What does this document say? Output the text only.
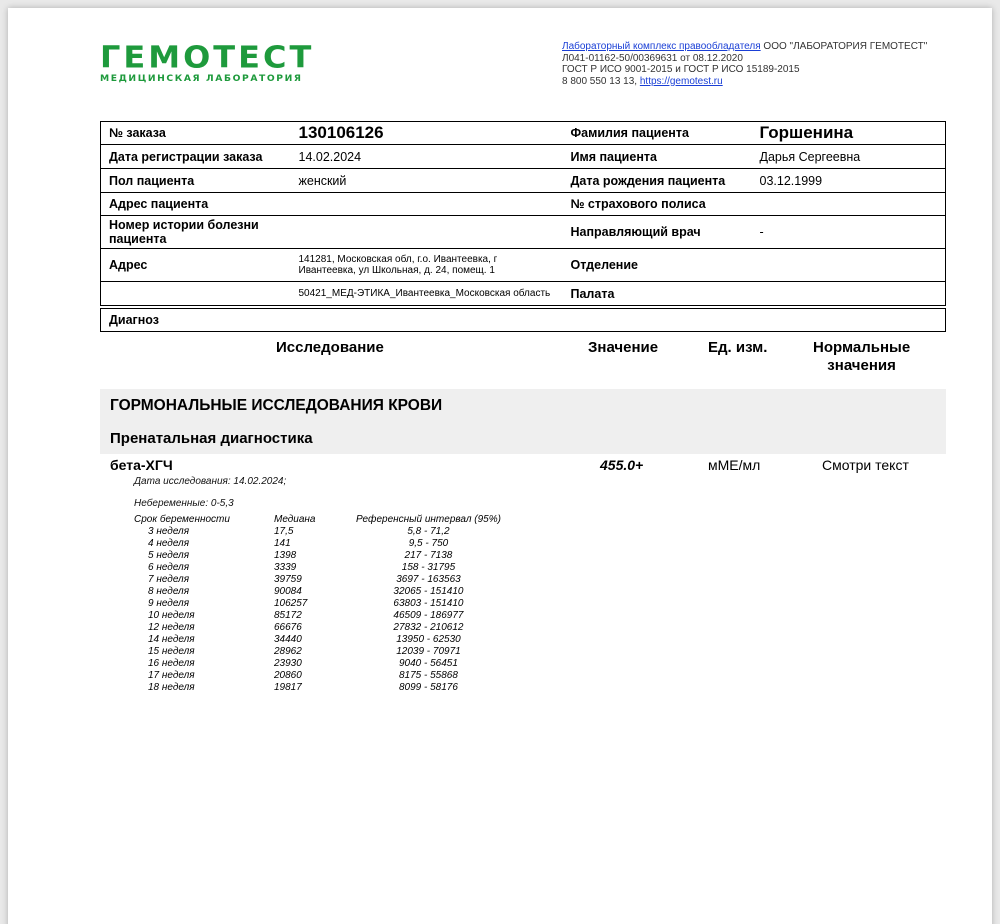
ГЕМОТЕСТ
МЕДИЦИНСКАЯ ЛАБОРАТОРИЯ
Лабораторный комплекс правообладателя ООО "ЛАБОРАТОРИЯ ГЕМОТЕСТ"
Л041-01162-50/00369631 от 08.12.2020
ГОСТ Р ИСО 9001-2015 и ГОСТ Р ИСО 15189-2015
8 800 550 13 13, https://gemotest.ru
№ заказа	130106126	Фамилия пациента	Горшенина
Дата регистрации заказа	14.02.2024	Имя пациента	Дарья Сергеевна
Пол пациента	женский	Дата рождения пациента	03.12.1999
Адрес пациента		№ страхового полиса	
Номер истории болезни пациента		Направляющий врач	-
Адрес	141281, Московская обл, г.о. Ивантеевка, г Ивантеевка, ул Школьная, д. 24, помещ. 1	Отделение	
	50421_МЕД-ЭТИКА_Ивантеевка_Московская область	Палата	
Диагноз
Исследование	Значение	Ед. изм.	Нормальные
значения
ГОРМОНАЛЬНЫЕ ИССЛЕДОВАНИЯ КРОВИ
Пренатальная диагностика
бета-ХГЧ	455.0+	мМЕ/мл	Смотри текст
Дата исследования: 14.02.2024;
Небеременные: 0-5,3
Срок беременности	Медиана	Референсный интервал (95%)
3 неделя	17,5	5,8 - 71,2
4 неделя	141	9,5 - 750
5 неделя	1398	217 - 7138
6 неделя	3339	158 - 31795
7 неделя	39759	3697 - 163563
8 неделя	90084	32065 - 151410
9 неделя	106257	63803 - 151410
10 неделя	85172	46509 - 186977
12 неделя	66676	27832 - 210612
14 неделя	34440	13950 - 62530
15 неделя	28962	12039 - 70971
16 неделя	23930	9040 - 56451
17 неделя	20860	8175 - 55868
18 неделя	19817	8099 - 58176
